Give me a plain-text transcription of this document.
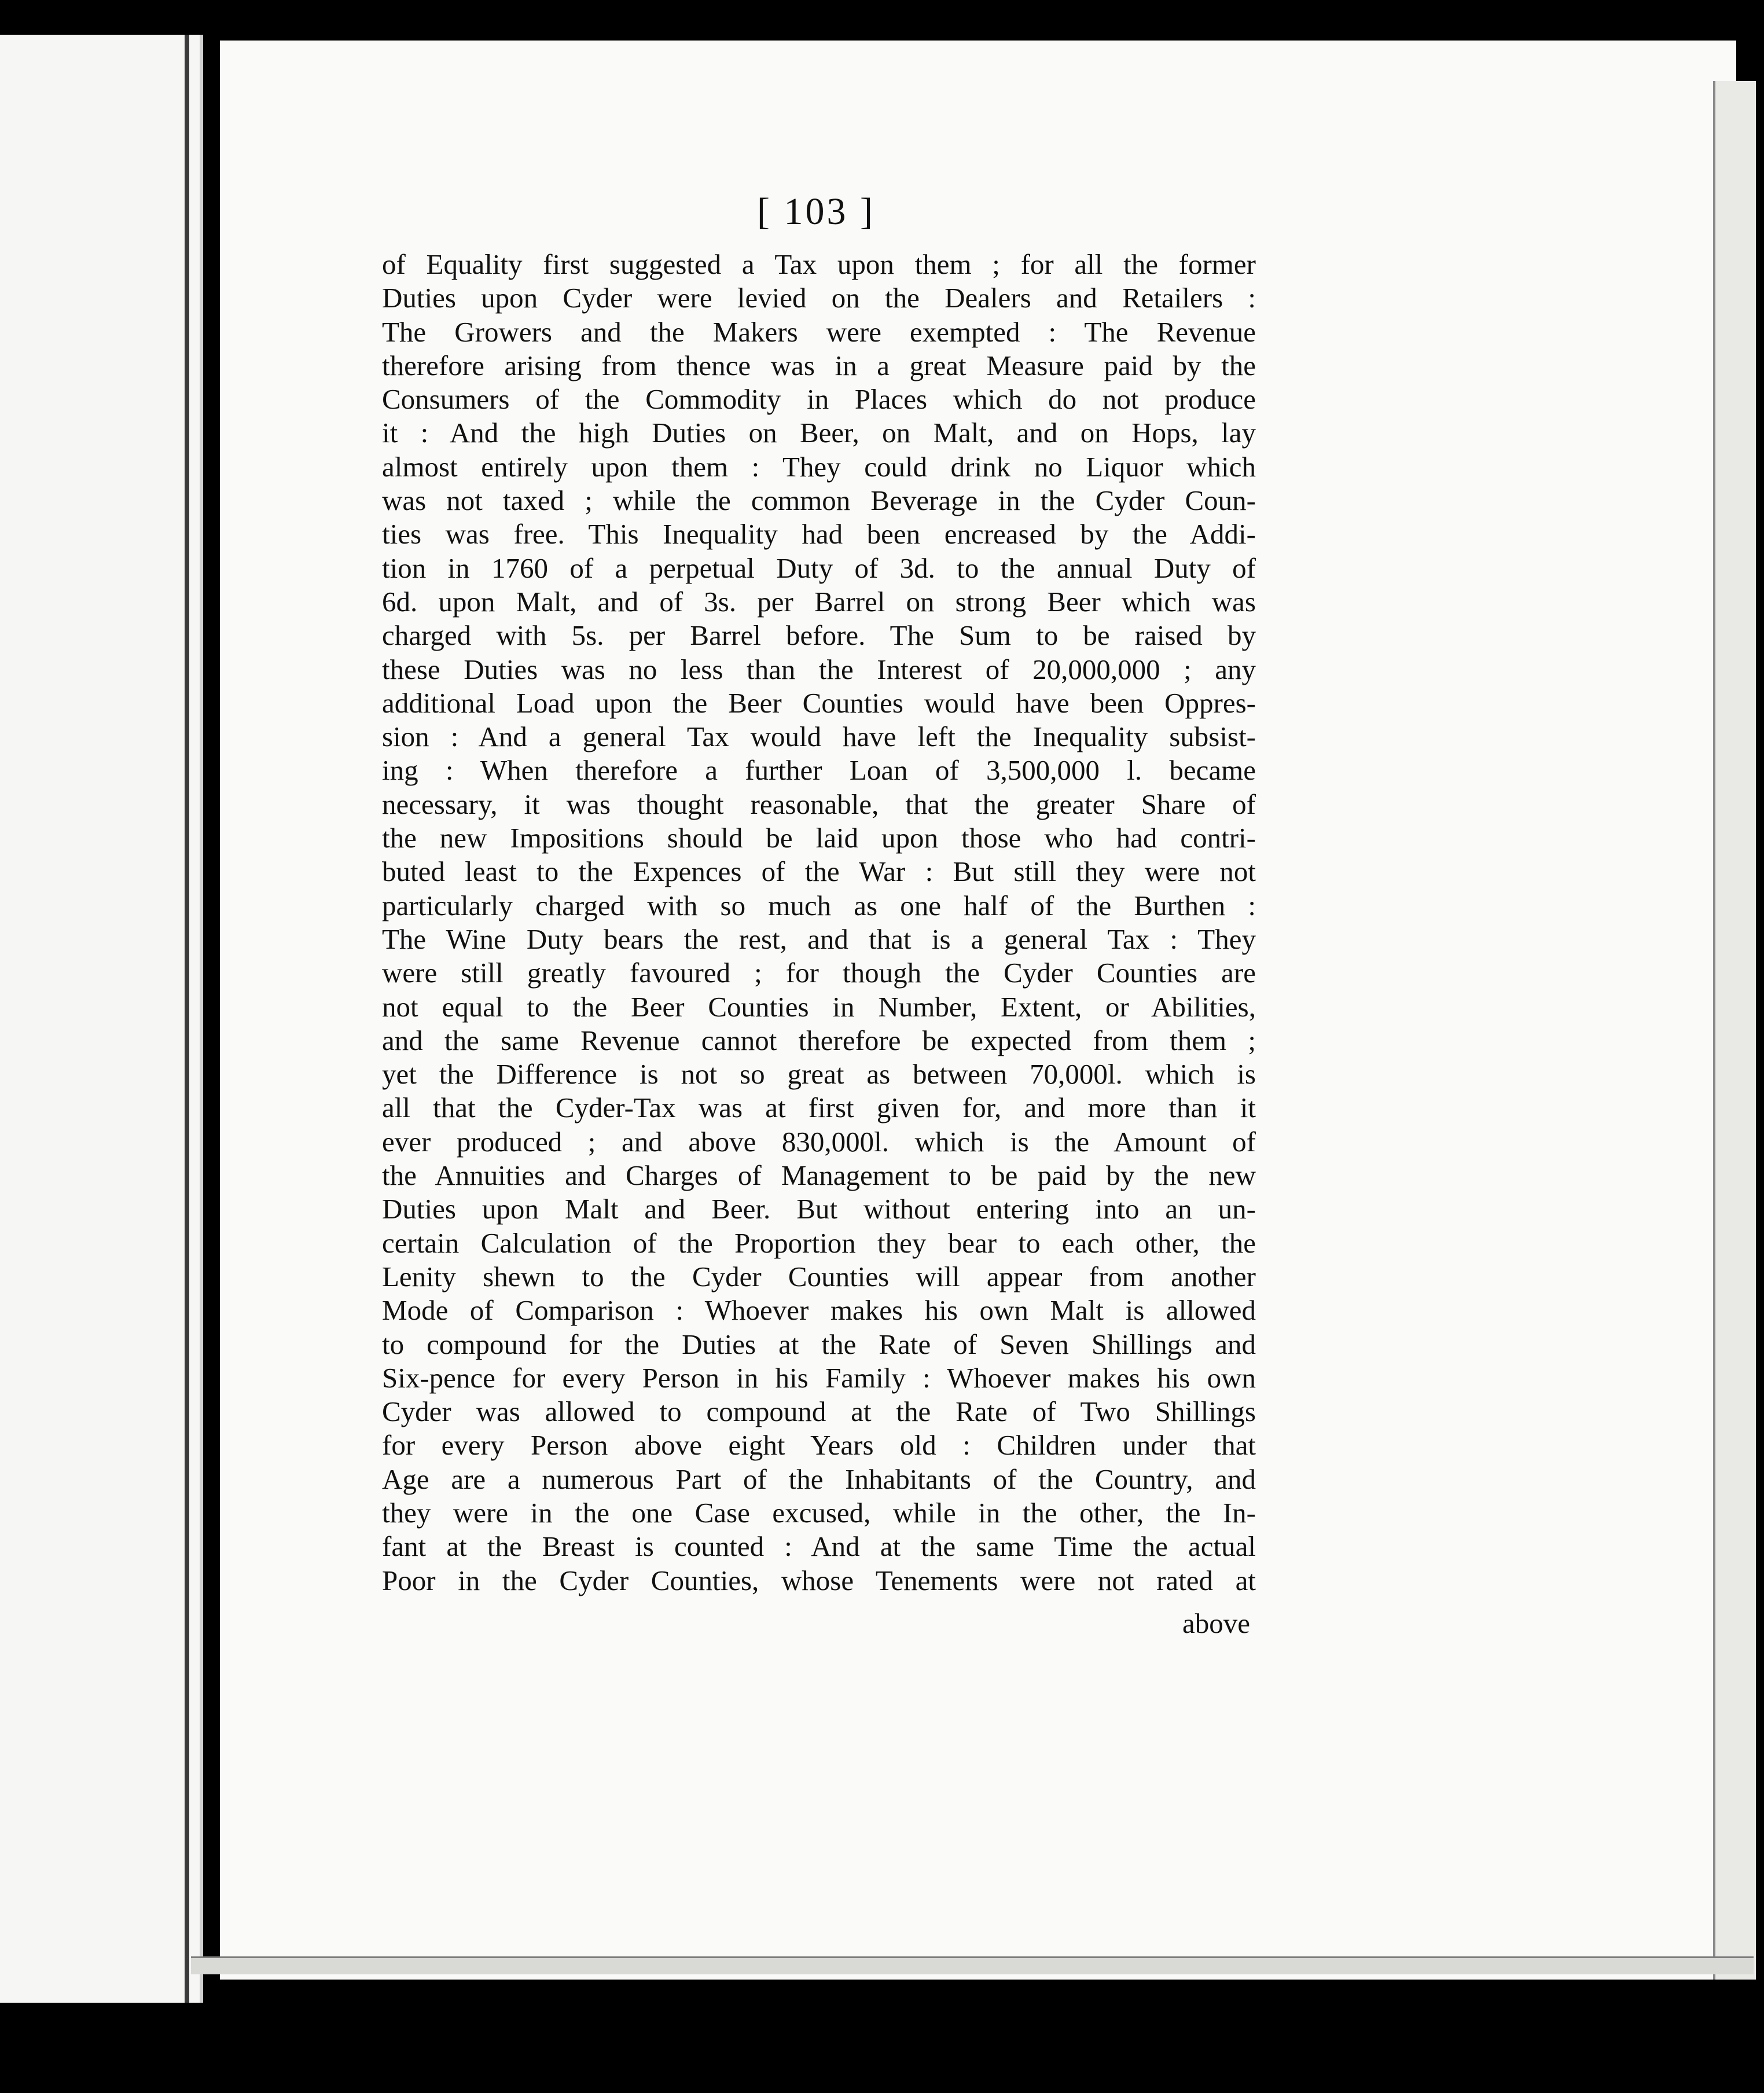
[ 103 ]
of Equality first suggested a Tax upon them ; for all the former
Duties upon Cyder were levied on the Dealers and Retailers :
The Growers and the Makers were exempted : The Revenue
therefore arising from thence was in a great Measure paid by the
Consumers of the Commodity in Places which do not produce
it : And the high Duties on Beer, on Malt, and on Hops, lay
almost entirely upon them : They could drink no Liquor which
was not taxed ; while the common Beverage in the Cyder Coun-
ties was free. This Inequality had been encreased by the Addi-
tion in 1760 of a perpetual Duty of 3d. to the annual Duty of
6d. upon Malt, and of 3s. per Barrel on strong Beer which was
charged with 5s. per Barrel before. The Sum to be raised by
these Duties was no less than the Interest of 20,000,000 ; any
additional Load upon the Beer Counties would have been Oppres-
sion : And a general Tax would have left the Inequality subsist-
ing : When therefore a further Loan of 3,500,000 l. became
necessary, it was thought reasonable, that the greater Share of
the new Impositions should be laid upon those who had contri-
buted least to the Expences of the War : But still they were not
particularly charged with so much as one half of the Burthen :
The Wine Duty bears the rest, and that is a general Tax : They
were still greatly favoured ; for though the Cyder Counties are
not equal to the Beer Counties in Number, Extent, or Abilities,
and the same Revenue cannot therefore be expected from them ;
yet the Difference is not so great as between 70,000l. which is
all that the Cyder-Tax was at first given for, and more than it
ever produced ; and above 830,000l. which is the Amount of
the Annuities and Charges of Management to be paid by the new
Duties upon Malt and Beer. But without entering into an un-
certain Calculation of the Proportion they bear to each other, the
Lenity shewn to the Cyder Counties will appear from another
Mode of Comparison : Whoever makes his own Malt is allowed
to compound for the Duties at the Rate of Seven Shillings and
Six-pence for every Person in his Family : Whoever makes his own
Cyder was allowed to compound at the Rate of Two Shillings
for every Person above eight Years old : Children under that
Age are a numerous Part of the Inhabitants of the Country, and
they were in the one Case excused, while in the other, the In-
fant at the Breast is counted : And at the same Time the actual
Poor in the Cyder Counties, whose Tenements were not rated at
above
